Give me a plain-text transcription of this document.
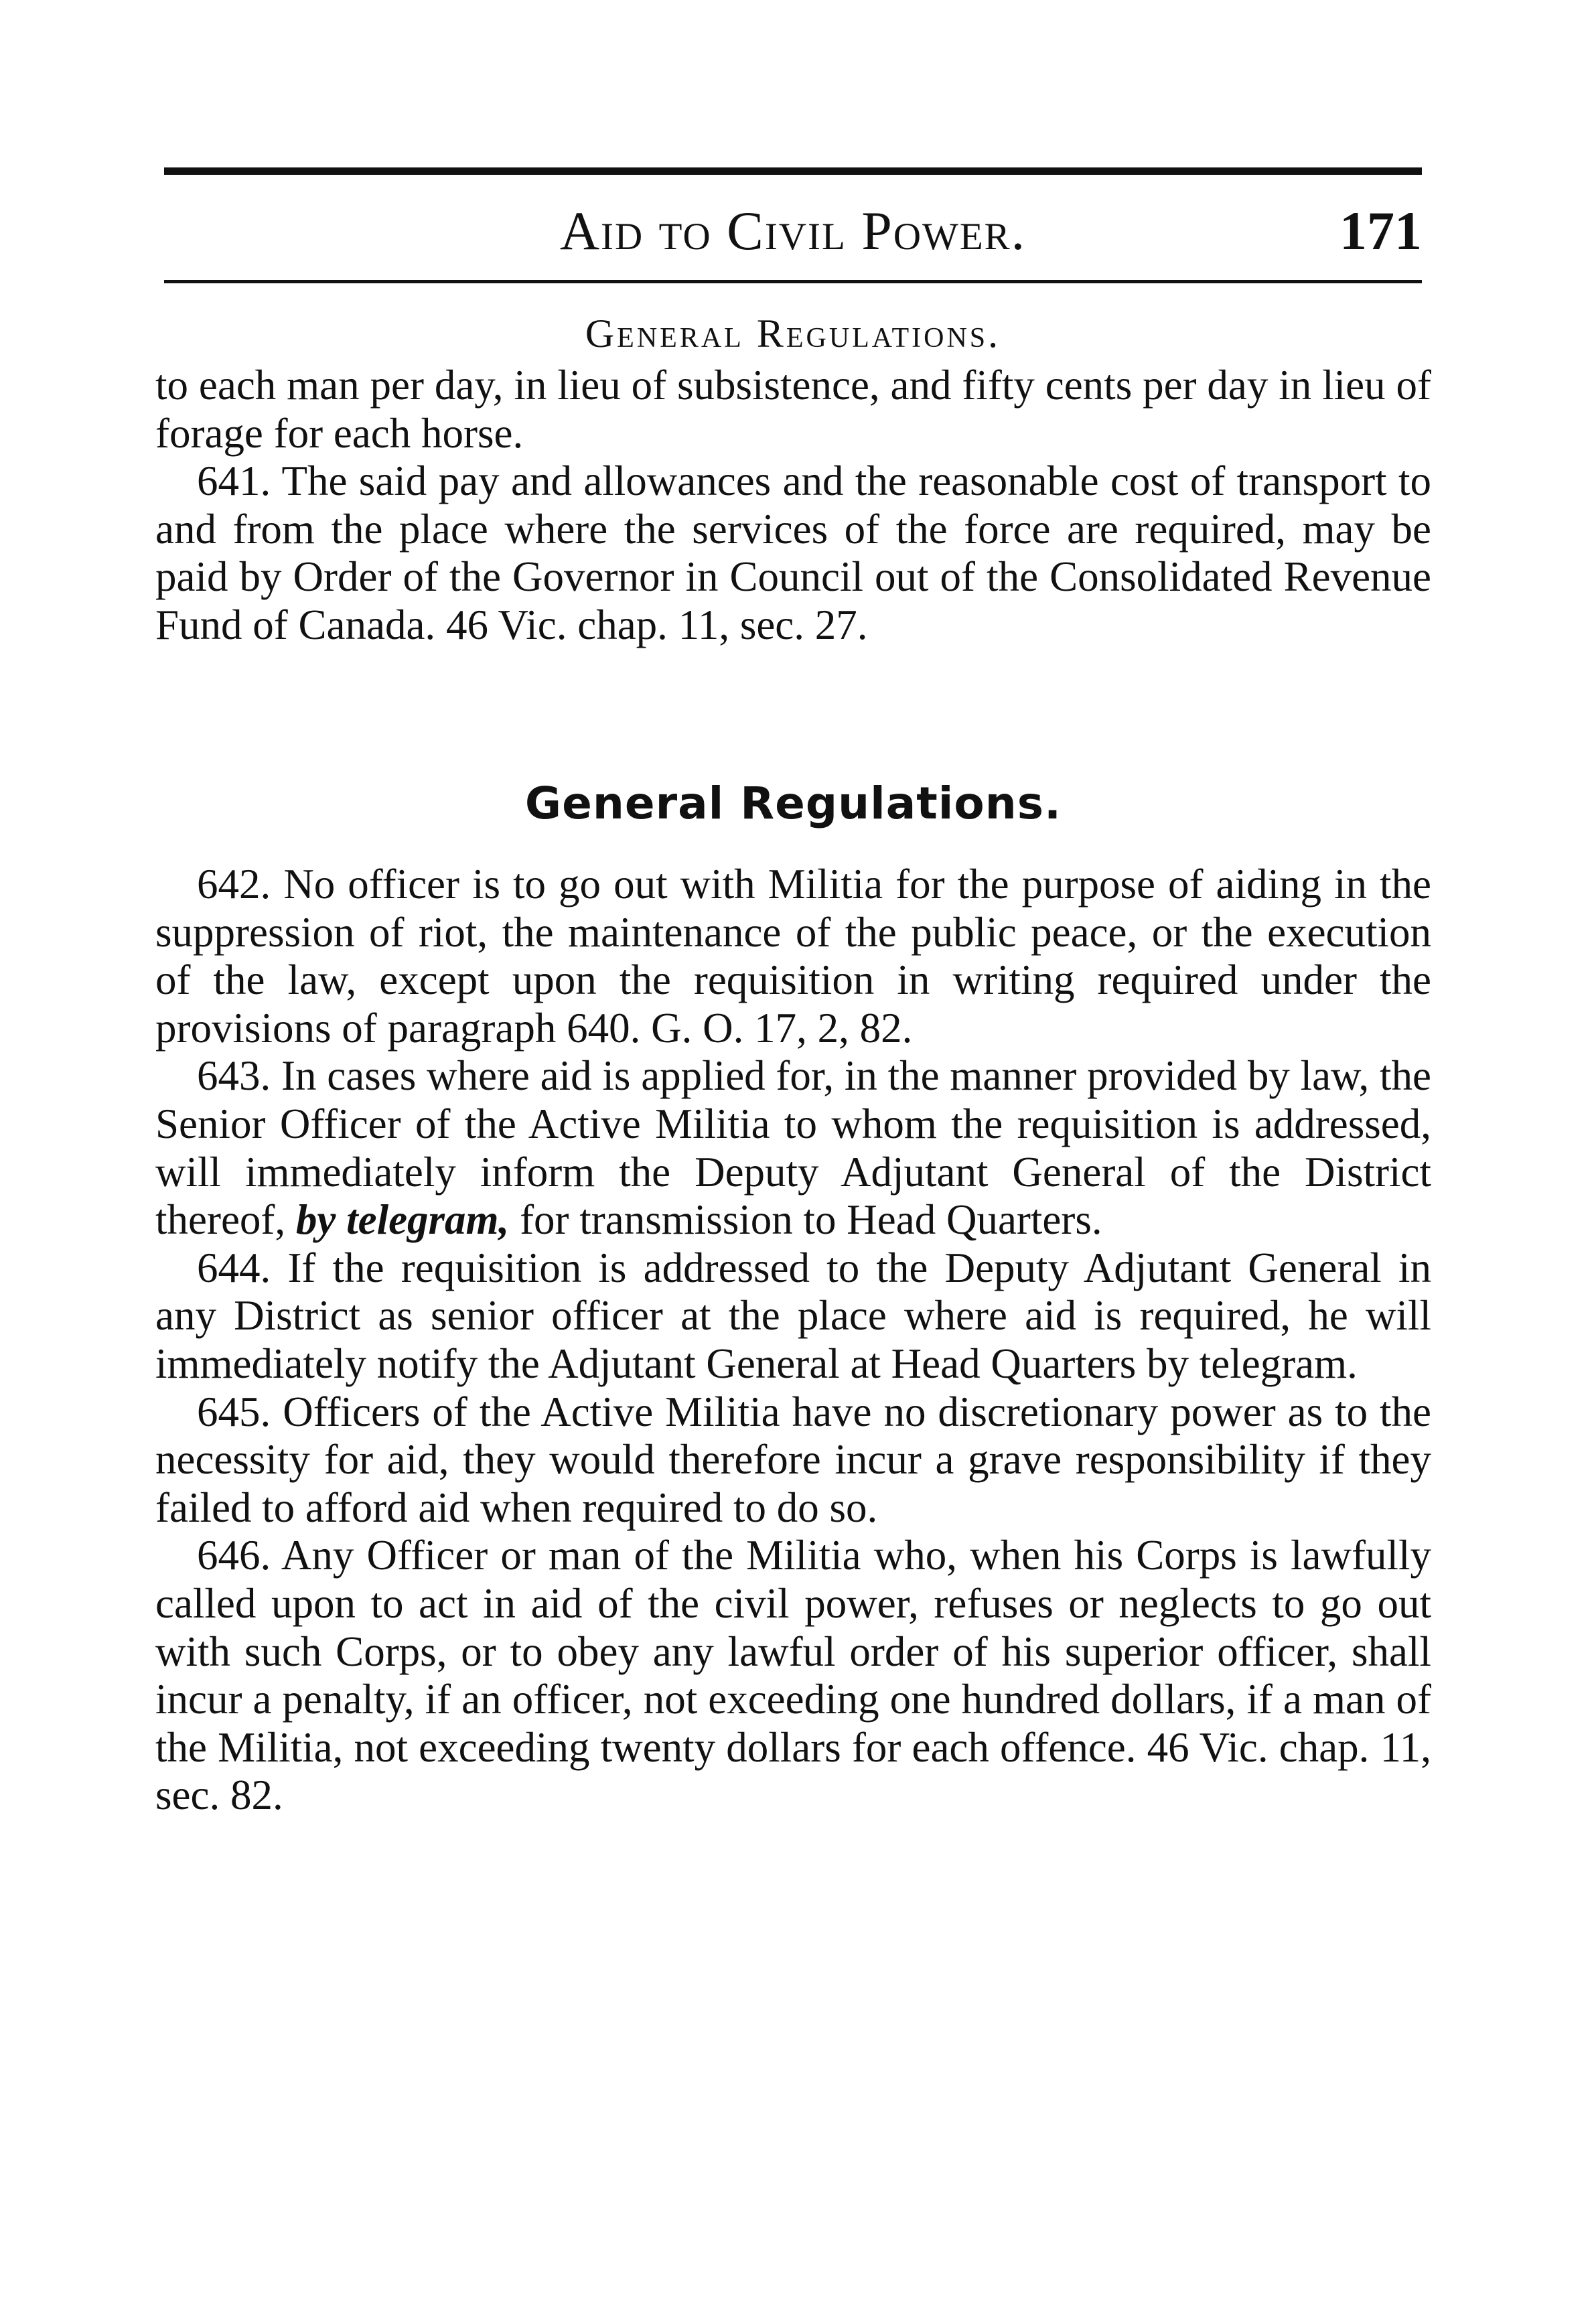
Aid to Civil Power.	171
General Regulations.

to each man per day, in lieu of subsistence, and fifty cents per day in lieu of forage for each horse.

641. The said pay and allowances and the reasonable cost of transport to and from the place where the services of the force are required, may be paid by Order of the Governor in Council out of the Consolidated Revenue Fund of Canada. 46 Vic. chap. 11, sec. 27.

General Regulations.

642. No officer is to go out with Militia for the purpose of aiding in the suppression of riot, the maintenance of the public peace, or the execution of the law, except upon the requisition in writing required under the provisions of paragraph 640. G. O. 17, 2, 82.

643. In cases where aid is applied for, in the manner provided by law, the Senior Officer of the Active Militia to whom the requisition is addressed, will immediately inform the Deputy Adjutant General of the District thereof, by telegram, for transmission to Head Quarters.

644. If the requisition is addressed to the Deputy Adjutant General in any District as senior officer at the place where aid is required, he will immediately notify the Adjutant General at Head Quarters by telegram.

645. Officers of the Active Militia have no discretionary power as to the necessity for aid, they would therefore incur a grave responsibility if they failed to afford aid when required to do so.

646. Any Officer or man of the Militia who, when his Corps is lawfully called upon to act in aid of the civil power, refuses or neglects to go out with such Corps, or to obey any lawful order of his superior officer, shall incur a penalty, if an officer, not exceeding one hundred dollars, if a man of the Militia, not exceeding twenty dollars for each offence. 46 Vic. chap. 11, sec. 82.
